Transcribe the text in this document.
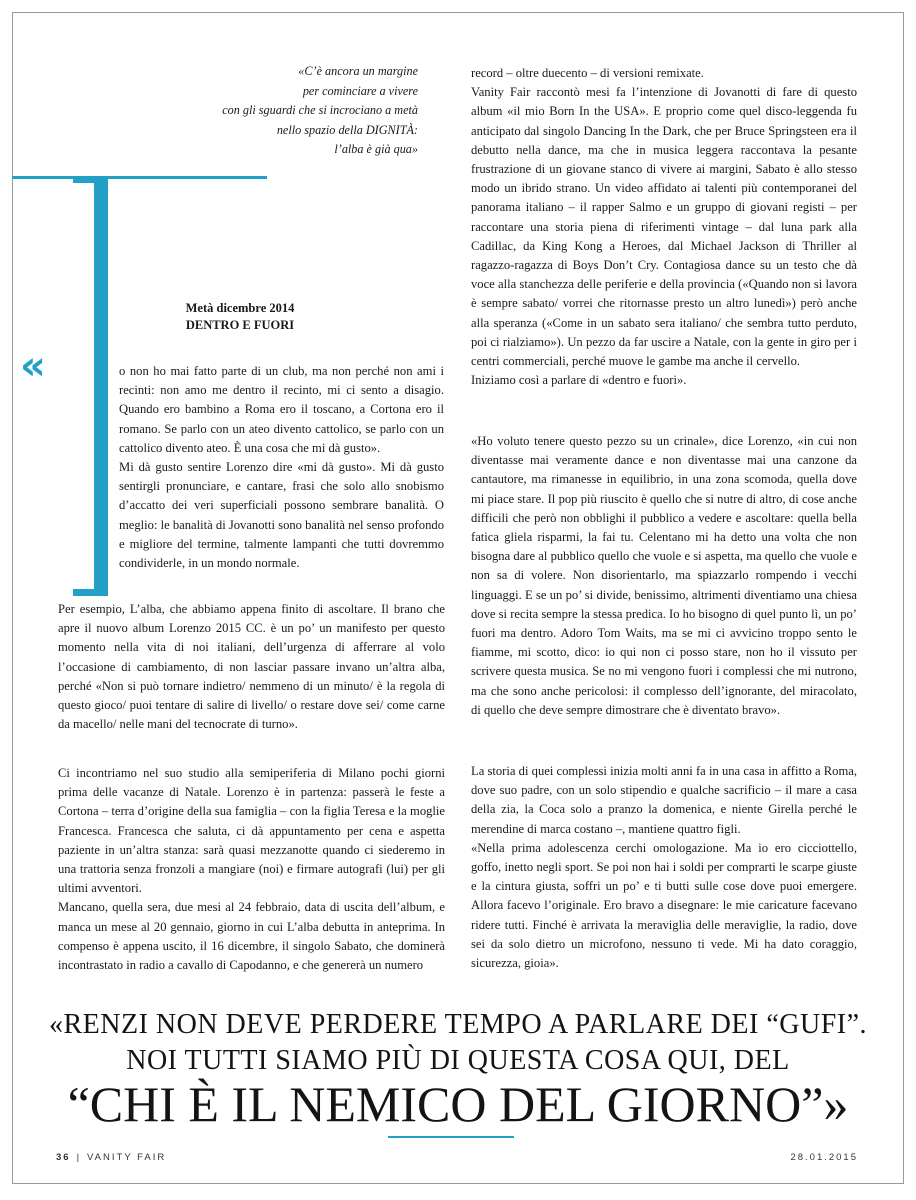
«C’è ancora un margine
per cominciare a vivere
con gli sguardi che si incrociano a metà
nello spazio della DIGNITÀ:
l’alba è già qua»
«
Metà dicembre 2014
DENTRO E FUORI

o non ho mai fatto parte di un club, ma non perché non ami i recinti: non amo me dentro il recinto, mi ci sento a disagio. Quando ero bambino a Roma ero il toscano, a Cortona ero il romano. Se parlo con un ateo divento cattolico, se parlo con un cattolico divento ateo. È una cosa che mi dà gusto».

Mi dà gusto sentire Lorenzo dire «mi dà gusto». Mi dà gusto sentirgli pronunciare, e cantare, frasi che solo allo snobismo d’accatto dei veri superficiali possono sembrare banalità. O meglio: le banalità di Jovanotti sono banalità nel senso profondo e migliore del termine, talmente lampanti che tutti dovremmo condividerle, in un mondo normale.

Per esempio, L’alba, che abbiamo appena finito di ascoltare. Il brano che apre il nuovo album Lorenzo 2015 CC. è un po’ un manifesto per questo momento nella vita di noi italiani, dell’urgenza di afferrare al volo l’occasione di cambiamento, di non lasciar passare invano un’altra alba, perché «Non si può tornare indietro/ nemmeno di un minuto/ è la regola di questo gioco/ puoi tentare di salire di livello/ o restare dove sei/ come carne da macello/ nelle mani del tecnocrate di turno».

Ci incontriamo nel suo studio alla semiperiferia di Milano pochi giorni prima delle vacanze di Natale. Lorenzo è in partenza: passerà le feste a Cortona – terra d’origine della sua famiglia – con la figlia Teresa e la moglie Francesca. Francesca che saluta, ci dà appuntamento per cena e aspetta paziente in un’altra stanza: sarà quasi mezzanotte quando ci siederemo in una trattoria senza fronzoli a mangiare (noi) e firmare autografi (lui) per gli ultimi avventori.

Mancano, quella sera, due mesi al 24 febbraio, data di uscita dell’album, e manca un mese al 20 gennaio, giorno in cui L’alba debutta in anteprima. In compenso è appena uscito, il 16 dicembre, il singolo Sabato, che dominerà incontrastato in radio a cavallo di Capodanno, e che genererà un numero

record – oltre duecento – di versioni remixate.

Vanity Fair raccontò mesi fa l’intenzione di Jovanotti di fare di questo album «il mio Born In the USA». E proprio come quel disco-leggenda fu anticipato dal singolo Dancing In the Dark, che per Bruce Springsteen era il debutto nella dance, ma che in musica leggera raccontava la pesante frustrazione di un giovane stanco di vivere ai margini, Sabato è allo stesso modo un ibrido strano. Un video affidato ai talenti più contemporanei del panorama italiano – il rapper Salmo e un gruppo di giovani registi – per raccontare una storia piena di riferimenti vintage – dal luna park alla Cadillac, da King Kong a Heroes, dal Michael Jackson di Thriller al ragazzo-ragazza di Boys Don’t Cry. Contagiosa dance su un testo che dà voce alla stanchezza delle periferie e della provincia («Quando non si lavora è sempre sabato/ vorrei che ritornasse presto un altro lunedì») però anche alla speranza («Come in un sabato sera italiano/ che sembra tutto perduto, poi ci rialziamo»). Un pezzo da far uscire a Natale, con la gente in giro per i centri commerciali, perché muove le gambe ma anche il cervello.

Iniziamo così a parlare di «dentro e fuori».

«Ho voluto tenere questo pezzo su un crinale», dice Lorenzo, «in cui non diventasse mai veramente dance e non diventasse mai una canzone da cantautore, ma rimanesse in equilibrio, in una zona scomoda, quella dove mi piace stare. Il pop più riuscito è quello che si nutre di altro, di cose anche difficili che però non obblighi il pubblico a vedere e ascoltare: quella bella fatica gliela risparmi, la fai tu. Celentano mi ha detto una volta che non bisogna dare al pubblico quello che vuole e si aspetta, ma quello che vuole e non sa di volere. Non disorientarlo, ma spiazzarlo rompendo i vecchi linguaggi. E se un po’ si divide, benissimo, altrimenti diventiamo una chiesa dove si recita sempre la stessa predica. Io ho bisogno di quel punto lì, un po’ fuori ma dentro. Adoro Tom Waits, ma se mi ci avvicino troppo sento le fiamme, mi scotto, dico: io qui non ci posso stare, non ho il vissuto per scrivere questa musica. Se no mi vengono fuori i complessi che mi nutrono, ma che sono anche pericolosi: il complesso dell’ignorante, del miracolato, di quello che deve sempre dimostrare che è diventato bravo».

La storia di quei complessi inizia molti anni fa in una casa in affitto a Roma, dove suo padre, con un solo stipendio e qualche sacrificio – il mare a casa della zia, la Coca solo a pranzo la domenica, e niente Girella perché le merendine di marca costano –, mantiene quattro figli.

«Nella prima adolescenza cerchi omologazione. Ma io ero cicciottello, goffo, inetto negli sport. Se poi non hai i soldi per comprarti le scarpe giuste e la cintura giusta, soffri un po’ e ti butti sulle cose dove puoi emergere. Allora facevo l’originale. Ero bravo a disegnare: le mie caricature facevano ridere tutti. Finché è arrivata la meraviglia delle meraviglie, la radio, dove sei da solo dietro un microfono, nessuno ti vede. Mi ha dato coraggio, sicurezza, gioia».

«RENZI NON DEVE PERDERE TEMPO A PARLARE DEI “GUFI”.
NOI TUTTI SIAMO PIÙ DI QUESTA COSA QUI, DEL
“CHI È IL NEMICO DEL GIORNO”»
36 | VANITY FAIR	28.01.2015
